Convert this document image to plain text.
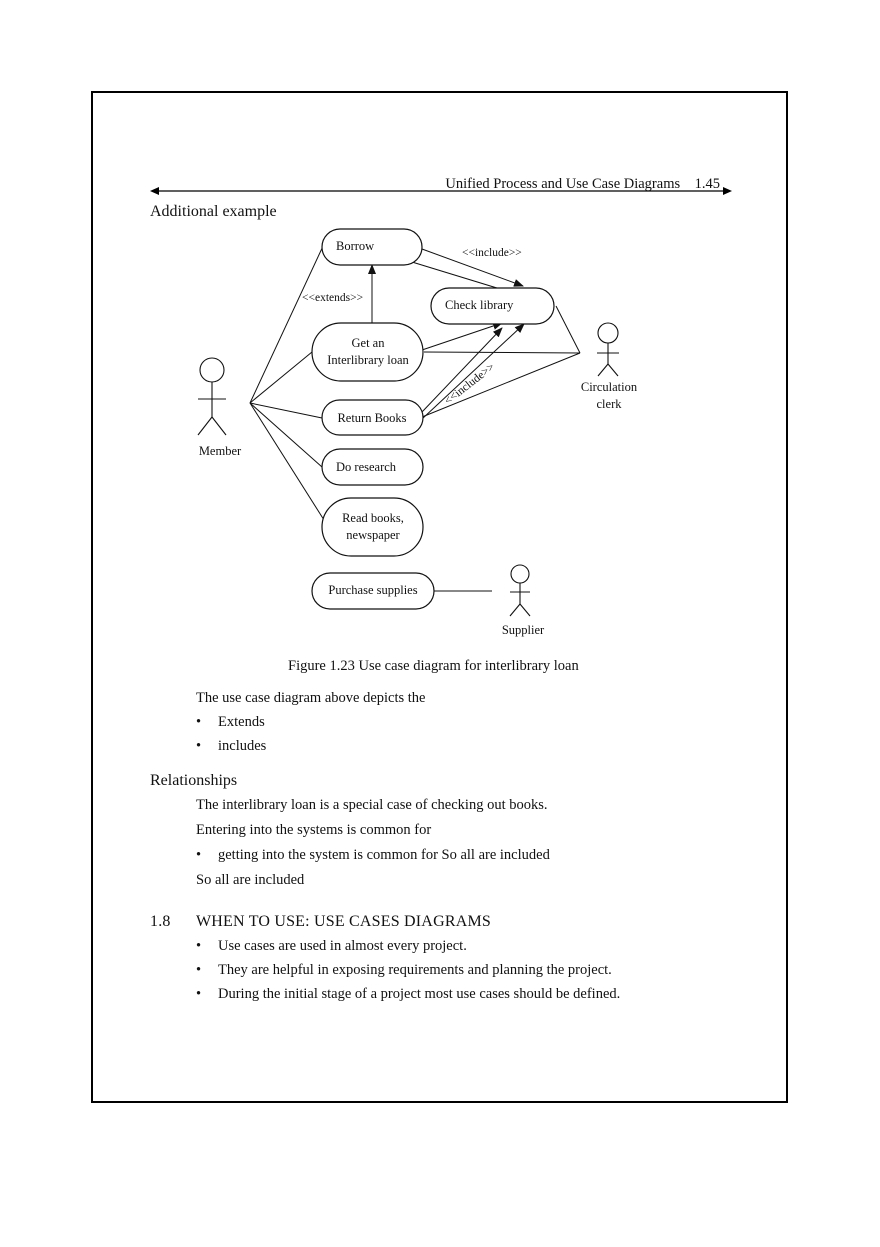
Unified Process and Use Case Diagrams 1.45
Additional example
Borrow
Check library
Get an
Interlibrary loan
Return Books
Do research
Read books,
newspaper
Purchase supplies
<<include>>
<<extends>>
<<include>>
Member
Circulation
clerk
Supplier
Figure 1.23 Use case diagram for interlibrary loan
The use case diagram above depicts the
• Extends
• includes
Relationships
The interlibrary loan is a special case of checking out books.
Entering into the systems is common for
• getting into the system is common for So all are included
So all are included
1.8 WHEN TO USE: USE CASES DIAGRAMS
• Use cases are used in almost every project.
• They are helpful in exposing requirements and planning the project.
• During the initial stage of a project most use cases should be defined.
